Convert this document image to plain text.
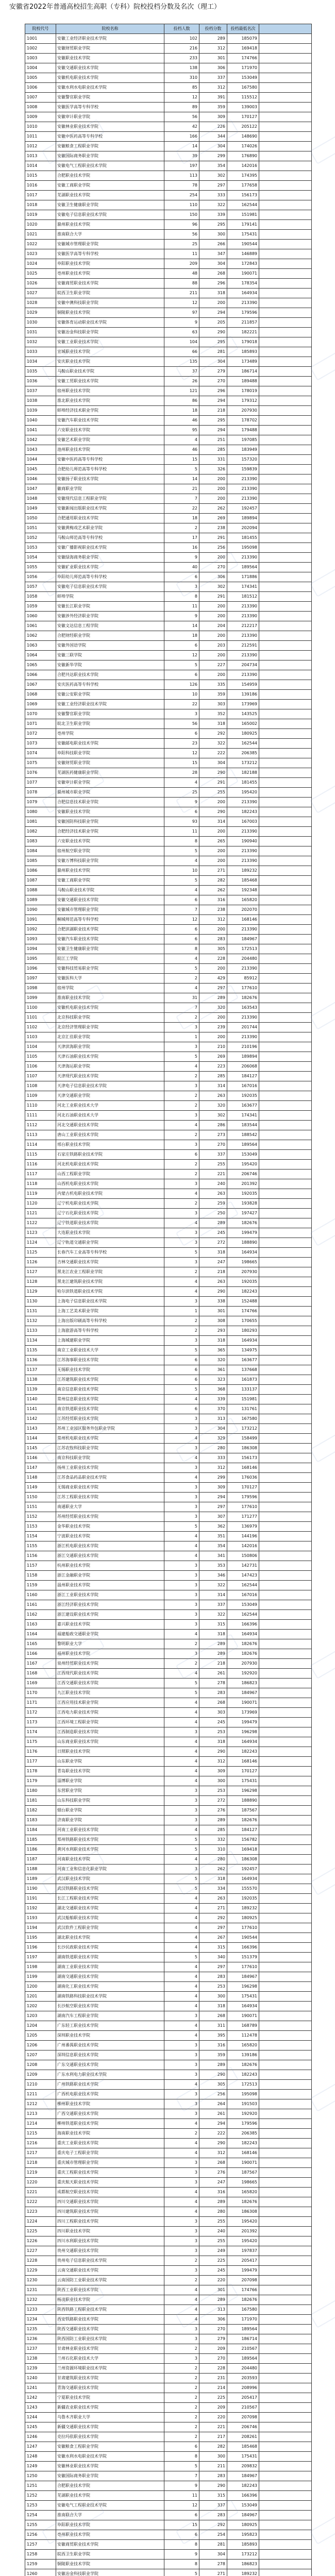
安徽省2022年普通高校招生高职（专科）院校投档分数及名次（理工）
院校代号	院校名称	投档人数	投档分数	投档最低名次	
1001	安徽工业经济职业技术学院	102	289	185079	
1002	安徽财贸职业学院	216	312	169418	
1003	安徽职业技术学院	233	301	174766	
1004	安徽交通职业技术学院	138	306	171970	
1005	安徽机电职业技术学院	310	337	153049	
1006	安徽水利水电职业技术学院	85	312	167580	
1007	安徽警官职业学院	12	391	115512	
1008	安徽医学高等专科学校	89	359	139003	
1009	安徽审计职业学院	56	309	170127	
1010	安徽林业职业技术学院	42	226	205122	
1011	安徽中医药高等专科学校	166	344	148690	
1012	安徽粮食工程职业学院	14	304	174026	
1013	安徽国际商务职业学院	39	299	176890	
1014	安徽电气工程职业技术学院	197	354	142016	
1015	合肥职业技术学院	113	302	174395	
1016	安徽工商职业学院	78	297	177658	
1017	芜湖职业技术学院	254	333	156173	
1018	安徽卫生健康职业学院	110	322	162544	
1019	安徽电子信息职业技术学院	150	339	151981	
1020	滁州职业技术学院	96	295	179141	
1021	淮南联合大学	56	300	175431	
1022	安徽城市管理职业学院	25	266	190544	
1023	安徽医学高等专科学校	11	347	146889	
1024	阜阳职业技术学院	209	304	172843	
1025	亳州职业技术学院	48	268	190071	
1026	安徽商贸职业技术学院	88	296	178354	
1027	皖西卫生职业学院	211	318	164934	
1028	安徽中澳科技职业学院	12	200	213390	
1029	铜陵职业技术学院	97	294	179596	
1030	安徽体育运动职业技术学院	9	205	211857	
1031	安徽冶金科技职业学院	63	290	182221	
1032	安徽工业职业技术学院	104	295	179018	
1033	宣城职业技术学院	66	281	185893	
1034	安庆职业技术学院	135	304	173489	
1035	马鞍山职业技术学院	37	279	186714	
1036	安徽工贸职业技术学院	26	270	189488	
1037	宿州职业技术学院	121	296	178019	
1038	淮北职业技术学院	86	294	179312	
1039	蚌埠经济技术职业学院	18	218	207930	
1040	安徽汽车职业技术学院	46	295	178702	
1041	六安职业技术学院	95	294	179488	
1042	安徽艺术职业学院	4	251	197085	
1043	池州职业技术学院	46	285	183949	
1044	安徽中医药高等专科学校	15	331	157320	
1045	合肥幼儿师范高等专科学校	5	326	159839	
1046	安徽扬子职业技术学院	14	200	213390	
1047	徽商职业学院	21	200	213390	
1048	安徽现代信息工程职业学院	7	200	213390	
1049	安徽新闻出版职业技术学院	22	262	192457	
1050	合肥通用职业技术学院	18	269	189894	
1051	安徽黄梅戏艺术职业学院	2	238	202094	
1052	马鞍山师范高等专科学校	17	291	181455	
1053	安徽广播影视职业技术学院	16	256	195098	
1054	安徽绿海商务职业学院	9	200	213390	
1055	安徽矿业职业技术学院	40	270	189564	
1056	阜阳幼儿师范高等专科学校	6	306	171886	
1057	安徽电子信息职业技术学院	3	302	174341	
1058	蚌埠学院	8	291	181512	
1059	安徽长江职业学院	11	200	213390	
1060	安徽涉外经济职业学院	9	200	213390	
1061	安徽文达信息工程学院	14	204	212217	
1062	合肥财经职业学院	18	200	213390	
1063	安徽外国语学院	6	203	212591	
1064	安徽三联学院	12	200	213390	
1065	安徽新华学院	5	227	204734	
1066	合肥共达职业技术学院	6	200	213390	
1067	安庆医药高等专科学校	126	335	154959	
1068	安徽公安职业学院	10	359	139186	
1069	安徽工业经济职业技术学院	22	303	173969	
1070	安徽警官职业学院	3	352	143525	
1071	皖北卫生职业学院	56	318	165002	
1072	亳州学院	6	292	180925	
1073	安徽邮电职业技术学院	23	322	162544	
1074	阜阳科技职业学院	12	222	206385	
1075	安徽财贸职业学院	15	304	173212	
1076	芜湖医药健康职业学院	28	290	182188	
1077	安徽审计职业学院	4	291	181455	
1078	滁州城市职业学院	25	255	195420	
1079	合肥信息技术职业学院	9	200	213390	
1080	安徽职业技术学院	6	290	182243	
1081	安徽国防科技职业学院	93	314	167003	
1082	合肥经济技术职业学院	11	200	213390	
1083	六安职业技术学院	8	265	190940	
1084	宿州航空职业学院	5	200	213390	
1085	安徽万博科技职业学院	4	200	213390	
1086	滁州职业技术学院	10	271	189232	
1087	安徽工商职业学院	5	282	185468	
1088	马鞍山职业技术学院	4	262	192348	
1089	安徽交通职业技术学院	6	316	165820	
1090	安徽城市管理职业学院	7	238	202070	
1091	桐城师范高等专科学校	12	312	168146	
1092	合肥滨湖职业技术学院	6	200	213390	
1093	安徽汽车职业技术学院	6	283	184967	
1094	安徽卫生健康职业学院	8	305	172513	
1095	皖江工学院	4	228	204480	
1096	安徽科技贸易职业学院	5	200	213390	
1097	安徽医科大学	2	429	85912	
1098	宿州学院	4	297	177610	
1099	淮南职业技术学院	31	289	182676	
1100	安徽机电职业技术学院	7	320	163543	
1101	北京科技职业学院	2	200	213390	
1102	北京经济管理职业学院	3	239	201744	
1103	北京汇佳职业学院	1	200	213390	
1104	天津滨海职业学院	3	210	210196	
1105	天津石油职业技术学院	5	269	189894	
1106	天津海运职业学院	4	223	206068	
1107	天津现代职业技术学院	2	285	184127	
1108	天津电子信息职业技术学院	3	314	167016	
1109	天津交通职业学院	2	263	192035	
1110	河北工业职业技术大学	2	320	163677	
1111	河北石油职业技术大学	3	302	174341	
1112	河北交通职业技术学院	4	286	183544	
1113	唐山工业职业技术学院	2	273	188542	
1114	邢台职业技术学院	3	270	189564	
1115	石家庄铁路职业技术学院	6	337	153049	
1116	河北机电职业技术学院	2	255	195420	
1117	山西工程职业学院	2	221	206746	
1118	山西机电职业技术学院	3	240	201392	
1119	内蒙古机电职业技术学院	4	263	192035	
1120	辽宁机电职业技术学院	2	259	193828	
1121	辽宁石化职业技术学院	3	250	197427	
1122	辽宁铁道职业技术学院	4	289	182676	
1123	大连职业技术学院	3	245	199479	
1124	辽宁轨道交通职业学院	3	272	188890	
1125	长春汽车工业高等专科学校	5	318	164934	
1126	吉林交通职业技术学院	3	247	198665	
1127	黑龙江农业工程职业学院	2	218	207930	
1128	黑龙江建筑职业技术学院	4	263	192035	
1129	哈尔滨铁道职业技术学院	4	290	182243	
1130	上海电子信息职业技术学院	3	338	152488	
1131	上海工艺美术职业学院	1	301	174766	
1132	上海出版印刷高等专科学校	2	308	170655	
1133	上海旅游高等专科学校	2	293	180293	
1134	上海城建职业学院	3	318	164934	
1135	南京工业职业技术大学	5	365	134975	
1136	江苏海事职业技术学院	6	320	163677	
1137	无锡职业技术学院	6	361	137668	
1138	江苏建筑职业技术学院	6	323	161873	
1139	南京信息职业技术学院	5	368	133137	
1140	常州信息职业技术学院	4	339	151981	
1141	南京铁道职业技术学院	6	370	131761	
1142	江苏经贸职业技术学院	3	313	167580	
1143	苏州工业园区服务外包职业学院	3	304	173212	
1144	常州机电职业技术学院	4	329	158499	
1145	江苏农牧科技职业学院	3	280	186308	
1146	南京科技职业学院	4	333	156173	
1147	扬州工业职业技术学院	3	312	168146	
1148	江苏食品药品职业技术学院	4	299	176036	
1149	无锡商业职业技术学院	3	309	170127	
1150	江苏工程职业技术学院	3	294	179596	
1151	南通职业大学	3	297	177610	
1152	苏州经贸职业技术学院	3	307	171277	
1153	金华职业技术学院	5	362	136979	
1154	宁波职业技术学院	4	351	144196	
1155	浙江机电职业技术学院	4	354	142016	
1156	浙江交通职业技术学院	4	341	150806	
1157	杭州职业技术学院	3	353	142731	
1158	浙江金融职业学院	3	346	147423	
1159	温州职业技术学院	3	322	162544	
1160	浙江工业职业技术学院	3	314	167016	
1161	浙江经济职业技术学院	3	337	153049	
1162	浙江建设职业技术学院	3	322	162544	
1163	嘉兴职业技术学院	3	315	166396	
1164	福建船政交通职业学院	4	318	164934	
1165	黎明职业大学	2	289	182676	
1166	福州职业技术学院	3	289	182676	
1167	泉州经贸职业技术学院	2	218	207930	
1168	江西现代职业技术学院	4	261	192920	
1169	江西交通职业技术学院	5	278	186823	
1170	九江职业技术学院	5	283	184967	
1171	江西应用技术职业学院	4	268	190071	
1172	江西电力职业技术学院	4	303	173969	
1173	江西环境工程职业学院	4	245	199479	
1174	江西制造职业技术学院	3	253	196298	
1175	山东商业职业技术学院	4	318	164934	
1176	日照职业技术学院	4	290	182243	
1177	山东职业学院	4	312	168146	
1178	青岛职业技术学院	4	309	170127	
1179	淄博职业学院	4	300	175431	
1180	东营职业学院	3	253	196298	
1181	山东科技职业学院	3	272	188890	
1182	烟台职业学院	3	276	187567	
1183	济南职业学院	3	289	182676	
1184	河南工业职业技术学院	4	285	184127	
1185	郑州铁路职业技术学院	5	332	156782	
1186	黄河水利职业技术学院	5	310	169418	
1187	河南职业技术学院	4	280	186308	
1188	河南工业和信息化职业学院	3	262	192457	
1189	武汉职业技术学院	5	318	164934	
1190	武汉铁路职业技术学院	5	334	155570	
1191	长江工程职业技术学院	4	263	192035	
1192	湖北交通职业技术学院	4	271	189232	
1193	武汉船舶职业技术学院	4	292	180925	
1194	武汉软件工程职业学院	4	297	177610	
1195	湖北职业技术学院	4	267	190544	
1196	长沙民政职业技术学院	4	315	166396	
1197	湖南铁道职业技术学院	5	340	151379	
1198	湖南工业职业技术学院	4	297	177610	
1199	湖南交通职业技术学院	4	283	184967	
1200	湖南化工职业技术学院	4	253	196298	
1201	湖南铁路科技职业技术学院	4	300	175431	
1202	长沙航空职业技术学院	4	318	164934	
1203	湖南汽车工程职业学院	3	268	190071	
1204	广东轻工职业技术学院	4	311	168789	
1205	深圳职业技术学院	4	395	112478	
1206	广州番禺职业技术学院	3	316	165820	
1207	深圳信息职业技术学院	3	359	139186	
1208	广东交通职业技术学院	3	289	182676	
1209	广东水利电力职业技术学院	3	290	182243	
1210	广州铁路职业技术学院	4	305	172513	
1211	广西机电职业技术学院	3	256	195098	
1212	柳州职业技术学院	3	264	191503	
1213	广西交通职业技术学院	3	261	192920	
1214	柳州铁道职业技术学院	4	294	179596	
1215	海南职业技术学院	2	222	206385	
1216	重庆工业职业技术学院	4	290	182243	
1217	重庆电子工程职业学院	4	312	168146	
1218	重庆城市管理职业学院	3	268	190071	
1219	重庆工程职业技术学院	3	276	187567	
1220	重庆航天职业技术学院	3	247	198665	
1221	成都航空职业技术学院	4	316	165820	
1222	四川交通职业技术学院	4	289	182676	
1223	四川建筑职业技术学院	4	280	186308	
1224	四川工程职业技术学院	3	255	195420	
1225	四川职业技术学院	3	240	201392	
1226	四川水利职业技术学院	3	255	195420	
1227	贵州交通职业技术学院	3	249	197837	
1228	贵州电子信息职业技术学院	2	225	205417	
1229	云南交通职业技术学院	3	245	199479	
1230	云南国防工业职业技术学院	2	220	207098	
1231	陕西工业职业技术学院	4	301	174766	
1232	杨凌职业技术学院	4	289	182676	
1233	陕西铁路工程职业技术学院	4	313	167580	
1234	西安铁路职业技术学院	4	306	171970	
1235	陕西交通职业技术学院	3	270	189564	
1236	陕西国防工业职业技术学院	3	279	186714	
1237	甘肃林业职业技术学院	2	209	210567	
1238	兰州石化职业技术大学	3	270	189564	
1239	兰州资源环境职业技术学院	2	228	204480	
1240	甘肃建筑职业技术学院	2	231	203593	
1241	青海交通职业技术学院	2	214	208996	
1242	宁夏职业技术学院	2	225	205417	
1243	新疆农业职业技术学院	2	209	210567	
1244	乌鲁木齐职业大学	2	220	207098	
1245	新疆交通职业技术学院	2	221	206746	
1246	克拉玛依职业技术学院	2	217	208261	
1247	安徽粮食工程职业学院	6	282	185468	
1248	安徽水利水电职业技术学院	8	300	175431	
1249	安徽林业职业技术学院	5	211	209832	
1250	安徽国际商务职业学院	7	283	184967	
1251	合肥职业技术学院	9	290	182243	
1252	芜湖职业技术学院	11	315	166396	
1253	安徽电气工程职业技术学院	12	337	153049	
1254	淮南联合大学	6	283	184967	
1255	阜阳职业技术学院	15	292	180925	
1256	亳州职业技术学院	6	254	195823	
1257	安徽商贸职业技术学院	8	281	185893	
1258	皖西卫生职业学院	9	304	173212	
1259	铜陵职业技术学院	8	278	186823	
1260	安徽冶金科技职业学院	5	271	189232	
